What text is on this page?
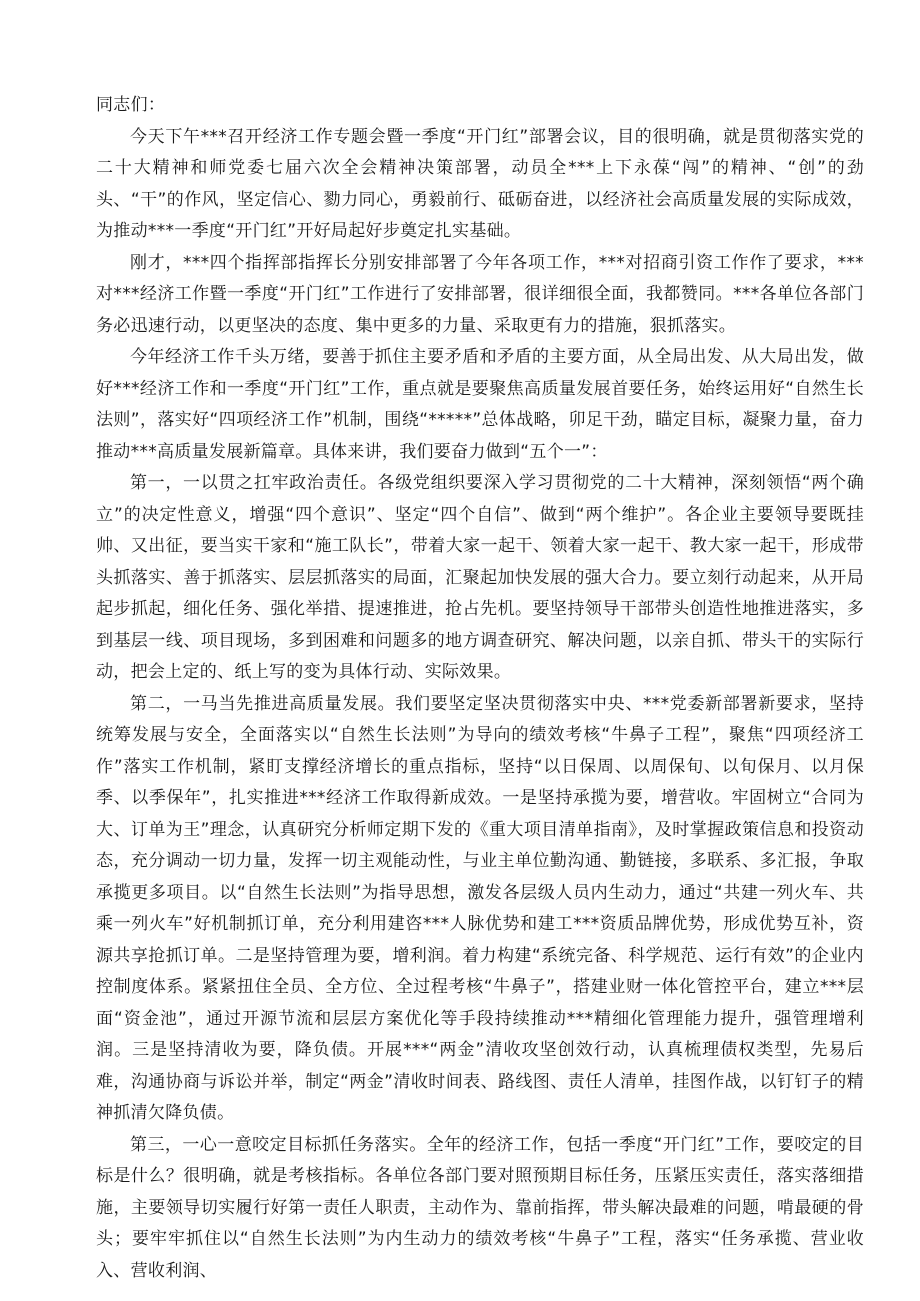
同志们：

今天下午***召开经济工作专题会暨一季度“开门红”部署会议，目的很明确，就是贯彻落实党的二十大精神和师党委七届六次全会精神决策部署，动员全***上下永葆“闯”的精神、“创”的劲头、“干”的作风，坚定信心、勠力同心，勇毅前行、砥砺奋进，以经济社会高质量发展的实际成效，为推动***一季度“开门红”开好局起好步奠定扎实基础。

刚才，***四个指挥部指挥长分别安排部署了今年各项工作，***对招商引资工作作了要求，***对***经济工作暨一季度“开门红”工作进行了安排部署，很详细很全面，我都赞同。***各单位各部门务必迅速行动，以更坚决的态度、集中更多的力量、采取更有力的措施，狠抓落实。

今年经济工作千头万绪，要善于抓住主要矛盾和矛盾的主要方面，从全局出发、从大局出发，做好***经济工作和一季度“开门红”工作，重点就是要聚焦高质量发展首要任务，始终运用好“自然生长法则”，落实好“四项经济工作”机制，围绕“*****”总体战略，卯足干劲，瞄定目标，凝聚力量，奋力推动***高质量发展新篇章。具体来讲，我们要奋力做到“五个一”：

第一，一以贯之扛牢政治责任。各级党组织要深入学习贯彻党的二十大精神，深刻领悟“两个确立”的决定性意义，增强“四个意识”、坚定“四个自信”、做到“两个维护”。各企业主要领导要既挂帅、又出征，要当实干家和“施工队长”，带着大家一起干、领着大家一起干、教大家一起干，形成带头抓落实、善于抓落实、层层抓落实的局面，汇聚起加快发展的强大合力。要立刻行动起来，从开局起步抓起，细化任务、强化举措、提速推进，抢占先机。要坚持领导干部带头创造性地推进落实，多到基层一线、项目现场，多到困难和问题多的地方调查研究、解决问题，以亲自抓、带头干的实际行动，把会上定的、纸上写的变为具体行动、实际效果。

第二，一马当先推进高质量发展。我们要坚定坚决贯彻落实中央、***党委新部署新要求，坚持统筹发展与安全，全面落实以“自然生长法则”为导向的绩效考核“牛鼻子工程”，聚焦“四项经济工作”落实工作机制，紧盯支撑经济增长的重点指标，坚持“以日保周、以周保旬、以旬保月、以月保季、以季保年”，扎实推进***经济工作取得新成效。一是坚持承揽为要，增营收。牢固树立“合同为大、订单为王”理念，认真研究分析师定期下发的《重大项目清单指南》，及时掌握政策信息和投资动态，充分调动一切力量，发挥一切主观能动性，与业主单位勤沟通、勤链接，多联系、多汇报，争取承揽更多项目。以“自然生长法则”为指导思想，激发各层级人员内生动力，通过“共建一列火车、共乘一列火车”好机制抓订单，充分利用建咨***人脉优势和建工***资质品牌优势，形成优势互补，资源共享抢抓订单。二是坚持管理为要，增利润。着力构建“系统完备、科学规范、运行有效”的企业内控制度体系。紧紧扭住全员、全方位、全过程考核“牛鼻子”，搭建业财一体化管控平台，建立***层面“资金池”，通过开源节流和层层方案优化等手段持续推动***精细化管理能力提升，强管理增利润。三是坚持清收为要，降负债。开展***“两金”清收攻坚创效行动，认真梳理债权类型，先易后难，沟通协商与诉讼并举，制定“两金”清收时间表、路线图、责任人清单，挂图作战，以钉钉子的精神抓清欠降负债。

第三，一心一意咬定目标抓任务落实。全年的经济工作，包括一季度“开门红”工作，要咬定的目标是什么？很明确，就是考核指标。各单位各部门要对照预期目标任务，压紧压实责任，落实落细措施，主要领导切实履行好第一责任人职责，主动作为、靠前指挥，带头解决最难的问题，啃最硬的骨头；要牢牢抓住以“自然生长法则”为内生动力的绩效考核“牛鼻子”工程，落实“任务承揽、营业收入、营收利润、
